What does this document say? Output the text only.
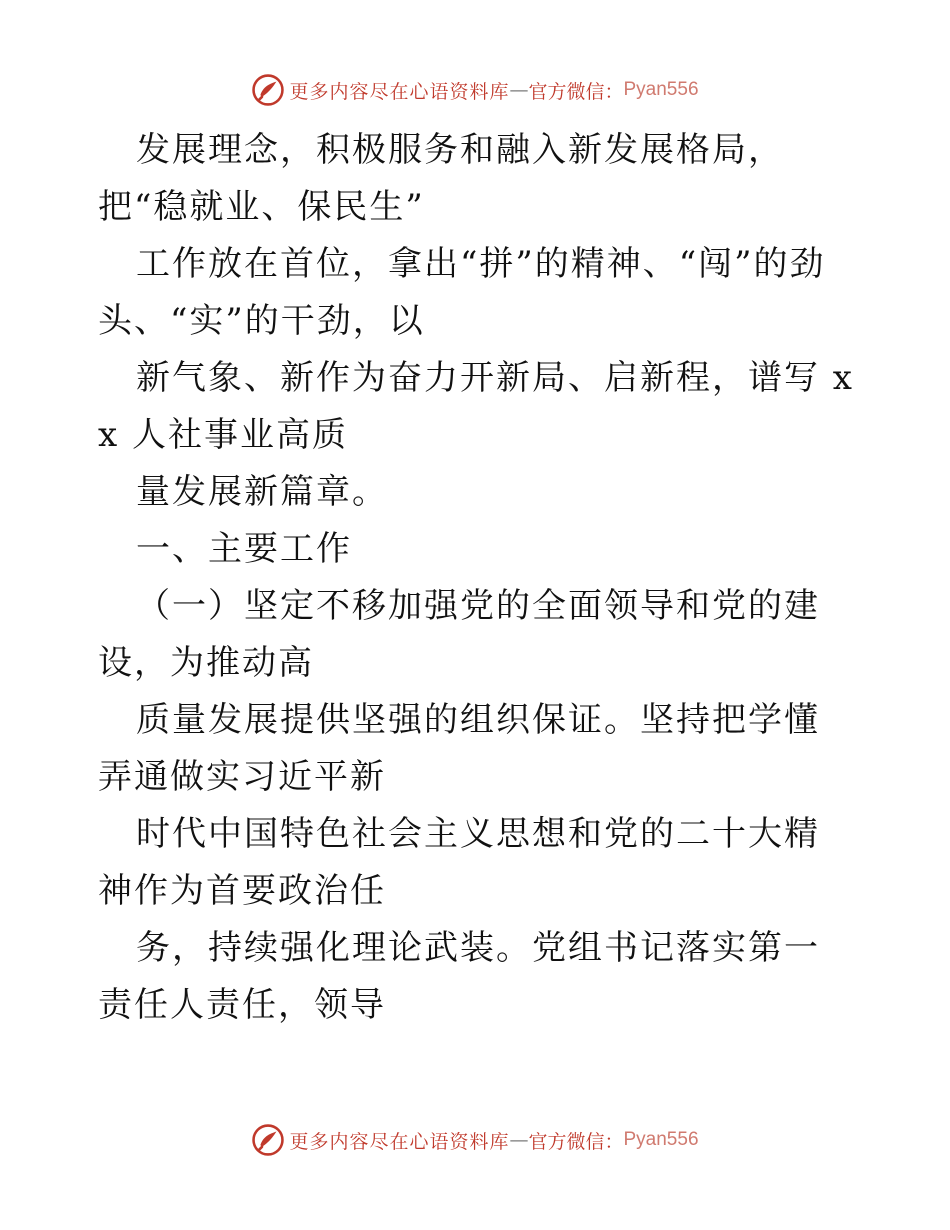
更多内容尽在心语资料库 — 官方微信： Pyan556

发展理念，积极服务和融入新发展格局，把“稳就业、保民生”

工作放在首位，拿出“拼”的精神、“闯”的劲头、“实”的干劲，以

新气象、新作为奋力开新局、启新程，谱写 xx 人社事业高质

量发展新篇章。

一、主要工作

（一）坚定不移加强党的全面领导和党的建设，为推动高

质量发展提供坚强的组织保证。坚持把学懂弄通做实习近平新

时代中国特色社会主义思想和党的二十大精神作为首要政治任

务，持续强化理论武装。党组书记落实第一责任人责任，领导

更多内容尽在心语资料库 — 官方微信： Pyan556
